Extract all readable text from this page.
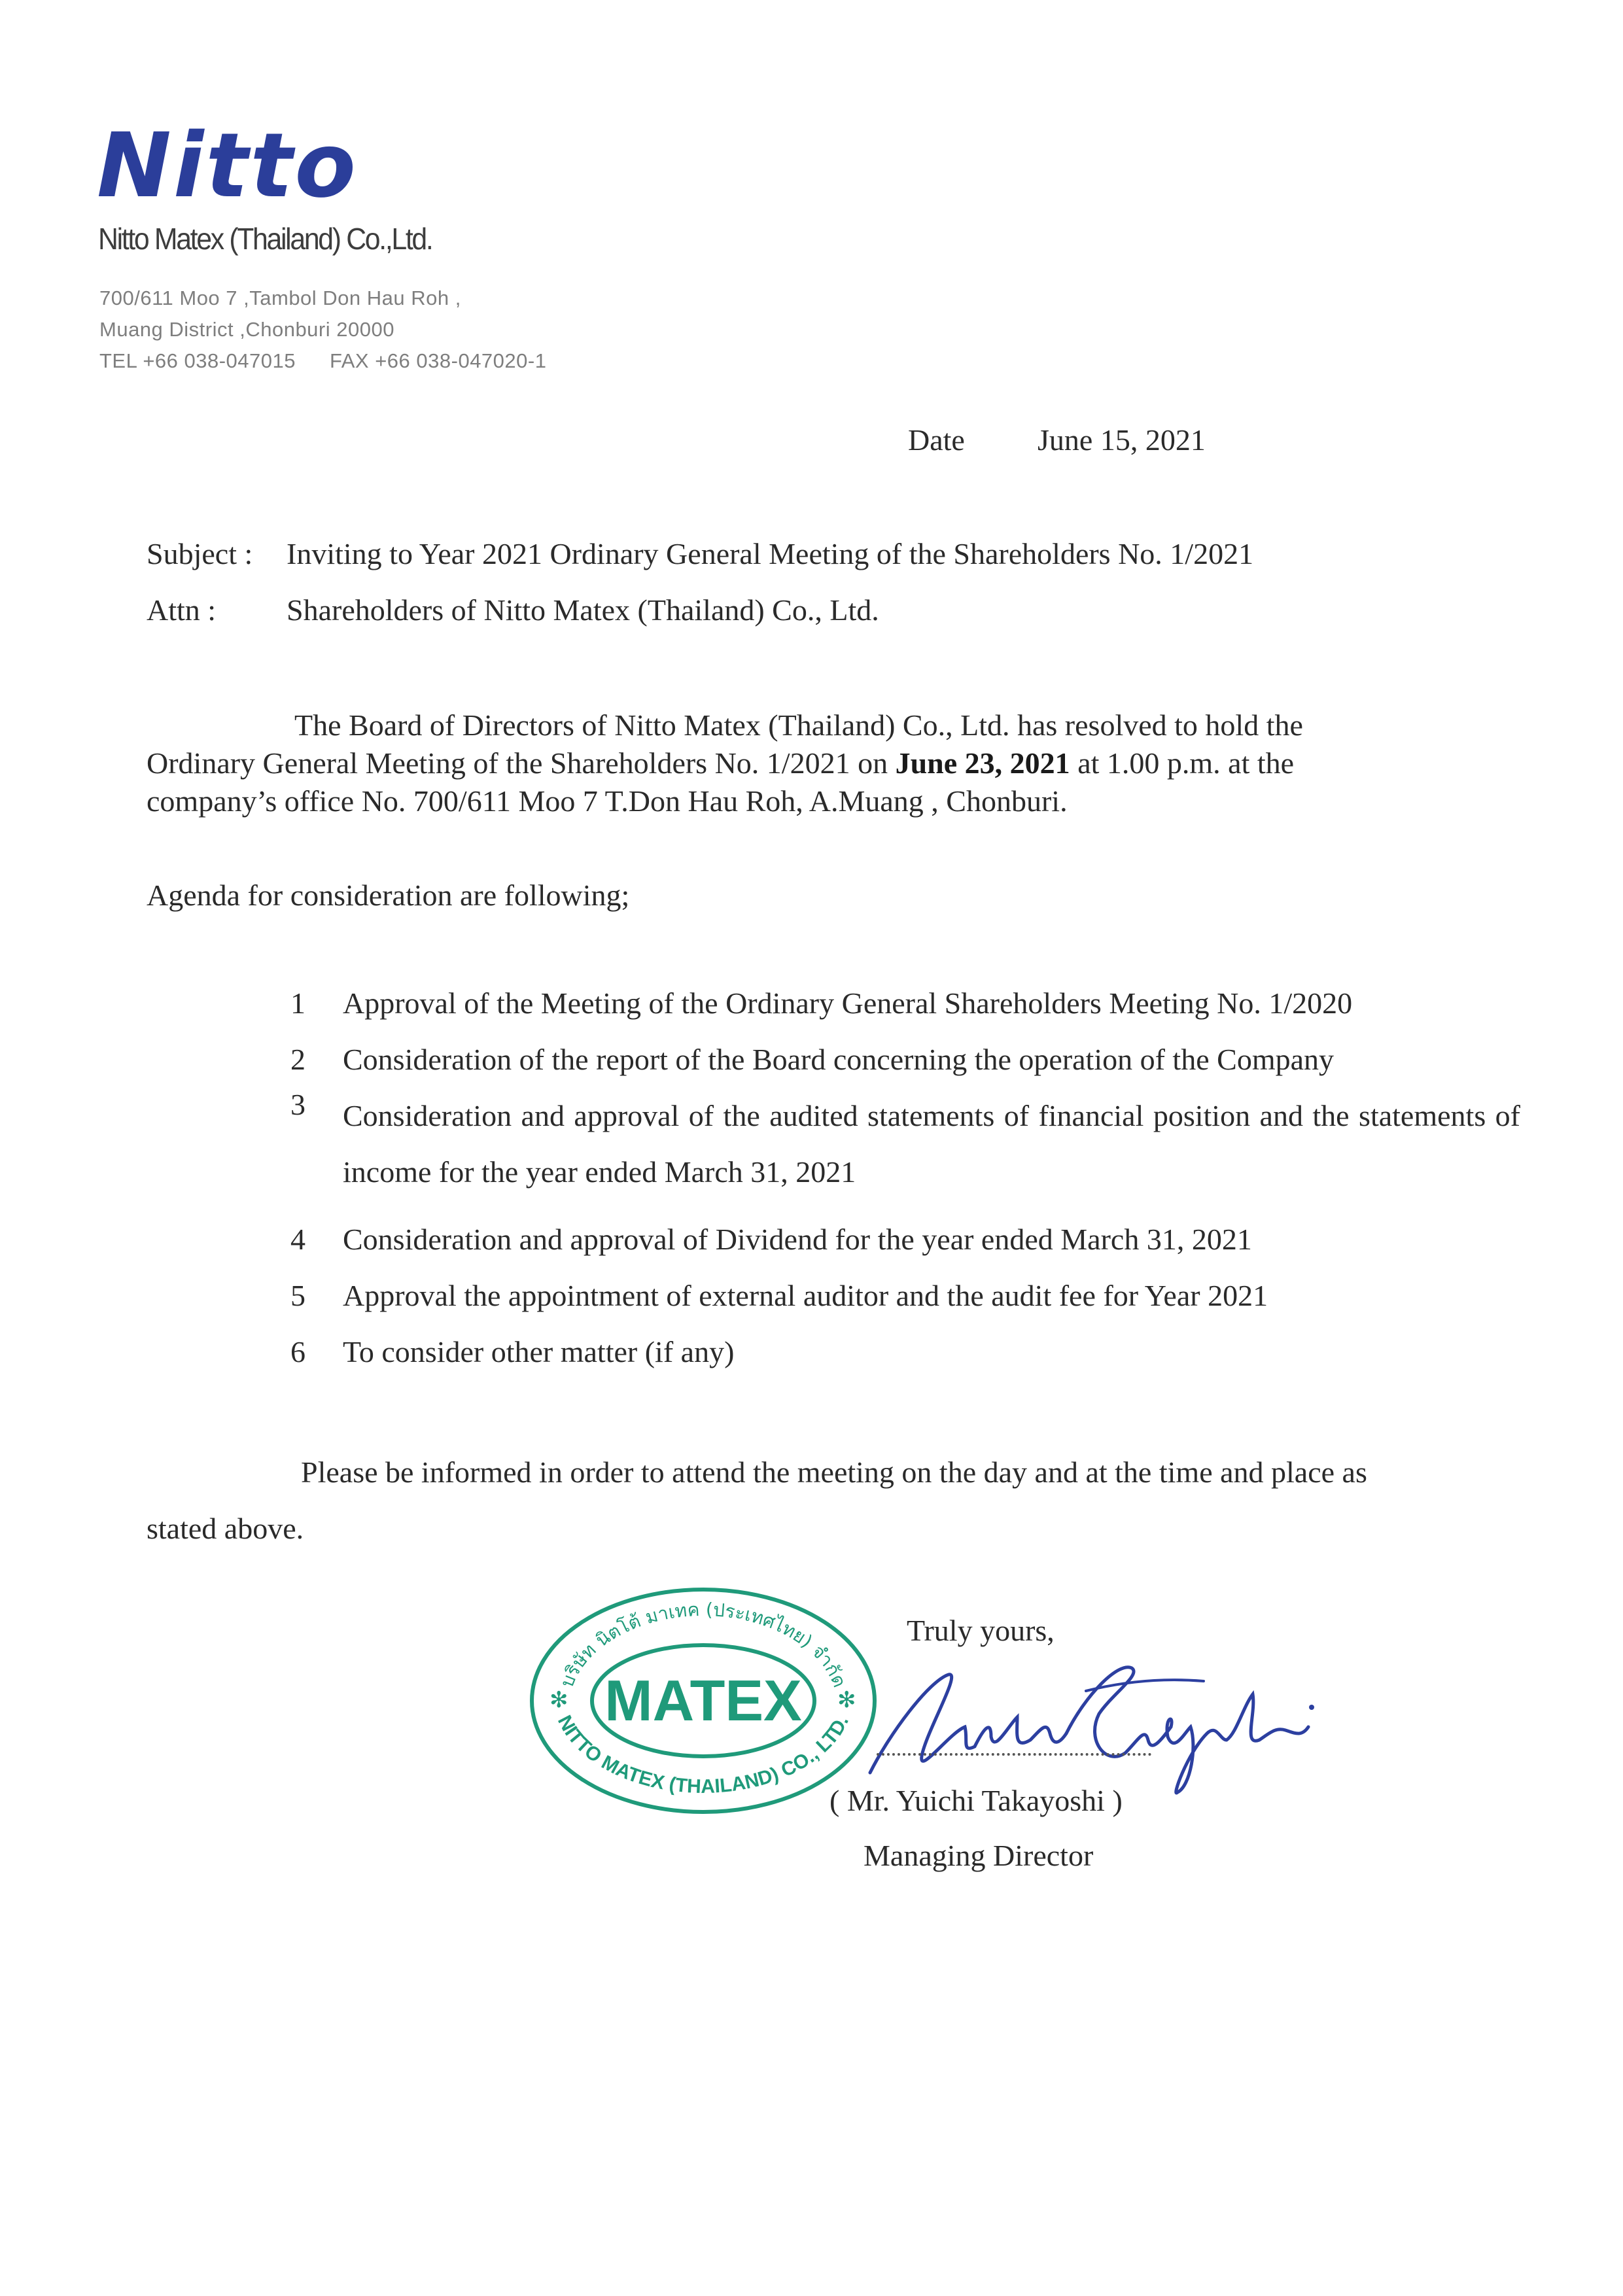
Nitto

Nitto Matex (Thailand) Co.,Ltd.

700/611 Moo 7 ,Tambol Don Hau Roh ,

Muang District ,Chonburi 20000

TEL +66 038-047015 FAX +66 038-047020-1

Date June 15, 2021

Subject : Inviting to Year 2021 Ordinary General Meeting of the Shareholders No. 1/2021

Attn : Shareholders of Nitto Matex (Thailand) Co., Ltd.

The Board of Directors of Nitto Matex (Thailand) Co., Ltd. has resolved to hold the
Ordinary General Meeting of the Shareholders No. 1/2021 on June 23, 2021 at 1.00 p.m. at the
company’s office No. 700/611 Moo 7 T.Don Hau Roh, A.Muang , Chonburi.

Agenda for consideration are following;

1 Approval of the Meeting of the Ordinary General Shareholders Meeting No. 1/2020
2 Consideration of the report of the Board concerning the operation of the Company
3 Consideration and approval of the audited statements of financial position and the statements of income for the year ended March 31, 2021
4 Consideration and approval of Dividend for the year ended March 31, 2021
5 Approval the appointment of external auditor and the audit fee for Year 2021
6 To consider other matter (if any)

Please be informed in order to attend the meeting on the day and at the time and place as
stated above.

บริษัท นิตโต้ มาเทค (ประเทศไทย) จำกัด
NITTO MATEX (THAILAND) CO., LTD.
MATEX
✻	✻

Truly yours,

( Mr. Yuichi Takayoshi )

Managing Director
